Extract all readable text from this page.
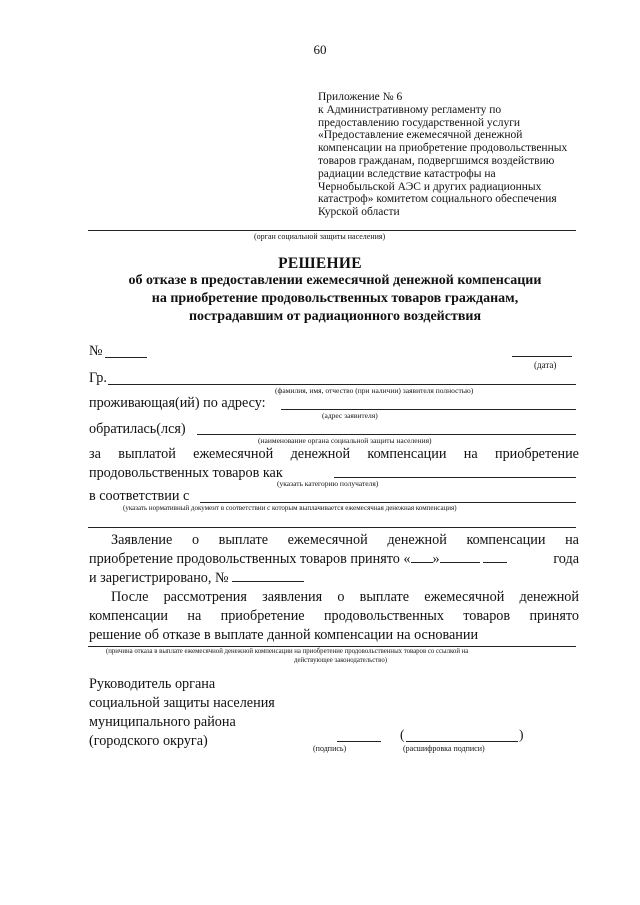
60
Приложение № 6
к Административному регламенту по
предоставлению государственной услуги
«Предоставление ежемесячной денежной
компенсации на приобретение продовольственных
товаров гражданам, подвергшимся воздействию
радиации вследствие катастрофы на
Чернобыльской АЭС и других радиационных
катастроф» комитетом социального обеспечения
Курской области
(орган социальной защиты населения)
РЕШЕНИЕ
об отказе в предоставлении ежемесячной денежной компенсации
на приобретение продовольственных товаров гражданам,
пострадавшим от радиационного воздействия
№
(дата)
Гр.
(фамилия, имя, отчество (при наличии) заявителя полностью)
проживающая(ий) по адресу:
(адрес заявителя)
обратилась(лся)
(наименование органа социальной защиты населения)
за выплатой ежемесячной денежной компенсации на приобретение
продовольственных товаров как
(указать категорию получателя)
в соответствии с
(указать нормативный документ в соответствии с которым выплачивается ежемесячная денежная компенсация)
Заявление о выплате ежемесячной денежной компенсации на
приобретение продовольственных товаров принято « »	года
и зарегистрировано, №
После рассмотрения заявления о выплате ежемесячной денежной
компенсации на приобретение продовольственных товаров принято
решение об отказе в выплате данной компенсации на основании
(причина отказа в выплате ежемесячной денежной компенсации на приобретение продовольственных товаров со ссылкой на
действующее законодательство)
Руководитель органа
социальной защиты населения
муниципального района
(городского округа)	(подпись)
(	)
(расшифровка подписи)
